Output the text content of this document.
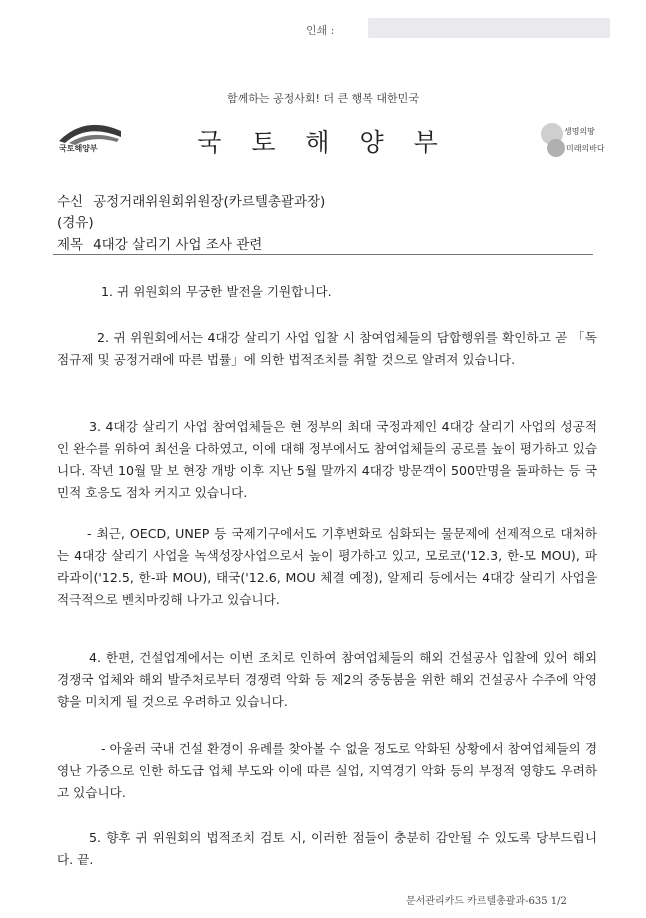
인쇄 :
함께하는 공정사회! 더 큰 행복 대한민국
국토해양부	국 토 해 양 부	생명의땅
미래의바다
수신 공정거래위원회위원장(카르텔총괄과장)
(경유)
제목 4대강 살리기 사업 조사 관련
1. 귀 위원회의 무궁한 발전을 기원합니다.
2. 귀 위원회에서는 4대강 살리기 사업 입찰 시 참여업체들의 담합행위를 확인하고 곧 「독점규제 및 공정거래에 따른 법률」에 의한 법적조치를 취할 것으로 알려져 있습니다.
3. 4대강 살리기 사업 참여업체들은 현 정부의 최대 국정과제인 4대강 살리기 사업의 성공적인 완수를 위하여 최선을 다하였고, 이에 대해 정부에서도 참여업체들의 공로를 높이 평가하고 있습니다. 작년 10월 말 보 현장 개방 이후 지난 5월 말까지 4대강 방문객이 500만명을 돌파하는 등 국민적 호응도 점차 커지고 있습니다.
- 최근, OECD, UNEP 등 국제기구에서도 기후변화로 심화되는 물문제에 선제적으로 대처하는 4대강 살리기 사업을 녹색성장사업으로서 높이 평가하고 있고, 모로코('12.3, 한-모 MOU), 파라과이('12.5, 한-파 MOU), 태국('12.6, MOU 체결 예정), 알제리 등에서는 4대강 살리기 사업을 적극적으로 벤치마킹해 나가고 있습니다.
4. 한편, 건설업계에서는 이번 조치로 인하여 참여업체들의 해외 건설공사 입찰에 있어 해외 경쟁국 업체와 해외 발주처로부터 경쟁력 악화 등 제2의 중동붐을 위한 해외 건설공사 수주에 악영향을 미치게 될 것으로 우려하고 있습니다.
- 아울러 국내 건설 환경이 유례를 찾아볼 수 없을 정도로 악화된 상황에서 참여업체들의 경영난 가중으로 인한 하도급 업체 부도와 이에 따른 실업, 지역경기 악화 등의 부정적 영향도 우려하고 있습니다.
5. 향후 귀 위원회의 법적조치 검토 시, 이러한 점들이 충분히 감안될 수 있도록 당부드립니다. 끝.
문서관리카드 카르텔총괄과-635 1/2
